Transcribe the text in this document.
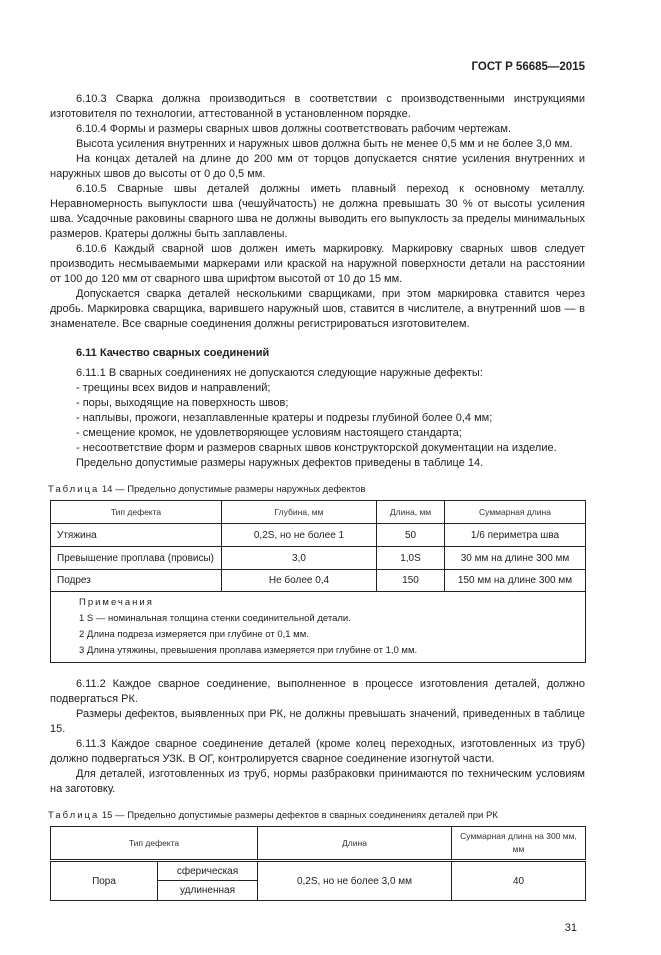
ГОСТ Р 56685—2015

6.10.3 Сварка должна производиться в соответствии с производственными инструкциями изготовителя по технологии, аттестованной в установленном порядке.

6.10.4 Формы и размеры сварных швов должны соответствовать рабочим чертежам.

Высота усиления внутренних и наружных швов должна быть не менее 0,5 мм и не более 3,0 мм.

На концах деталей на длине до 200 мм от торцов допускается снятие усиления внутренних и наружных швов до высоты от 0 до 0,5 мм.

6.10.5 Сварные швы деталей должны иметь плавный переход к основному металлу. Неравномерность выпуклости шва (чешуйчатость) не должна превышать 30 % от высоты усиления шва. Усадочные раковины сварного шва не должны выводить его выпуклость за пределы минимальных размеров. Кратеры должны быть заплавлены.

6.10.6 Каждый сварной шов должен иметь маркировку. Маркировку сварных швов следует производить несмываемыми маркерами или краской на наружной поверхности детали на расстоянии от 100 до 120 мм от сварного шва шрифтом высотой от 10 до 15 мм.

Допускается сварка деталей несколькими сварщиками, при этом маркировка ставится через дробь. Маркировка сварщика, варившего наружный шов, ставится в числителе, а внутренний шов — в знаменателе. Все сварные соединения должны регистрироваться изготовителем.

6.11 Качество сварных соединений

6.11.1 В сварных соединениях не допускаются следующие наружные дефекты:

- трещины всех видов и направлений;

- поры, выходящие на поверхность швов;

- наплывы, прожоги, незаплавленные кратеры и подрезы глубиной более 0,4 мм;

- смещение кромок, не удовлетворяющее условиям настоящего стандарта;

- несоответствие форм и размеров сварных швов конструкторской документации на изделие.

Предельно допустимые размеры наружных дефектов приведены в таблице 14.

Таблица 14 — Предельно допустимые размеры наружных дефектов
Тип дефекта	Глубина, мм	Длина, мм	Суммарная длина
Утяжина	0,2S, но не более 1	50	1/6 периметра шва
Превышение проплава (провисы)	3,0	1,0S	30 мм на длине 300 мм
Подрез	Не более 0,4	150	150 мм на длине 300 мм

Примечания
1 S — номинальная толщина стенки соединительной детали.
2 Длина подреза измеряется при глубине от 0,1 мм.
3 Длина утяжины, превышения проплава измеряется при глубине от 1,0 мм.			

6.11.2 Каждое сварное соединение, выполненное в процессе изготовления деталей, должно подвергаться РК.

Размеры дефектов, выявленных при РК, не должны превышать значений, приведенных в таблице 15.

6.11.3 Каждое сварное соединение деталей (кроме колец переходных, изготовленных из труб) должно подвергаться УЗК. В ОГ, контролируется сварное соединение изогнутой части.

Для деталей, изготовленных из труб, нормы разбраковки принимаются по техническим условиям на заготовку.

Таблица 15 — Предельно допустимые размеры дефектов в сварных соединениях деталей при РК
Тип дефекта		Длина	Суммарная длина на 300 мм, мм
Пора	сферическая	0,2S, но не более 3,0 мм	40
	удлиненная		
31
